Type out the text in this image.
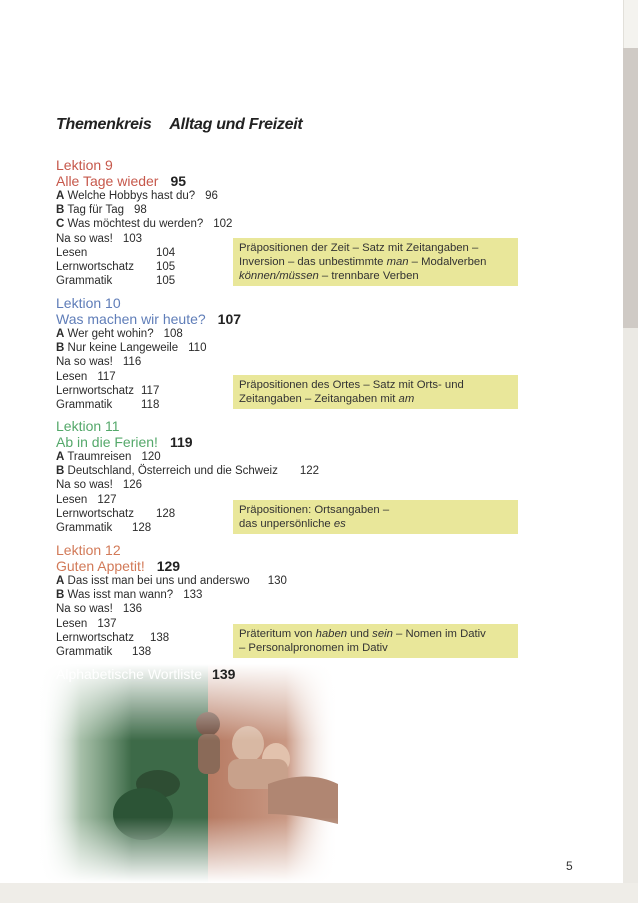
Themenkreis Alltag und Freizeit
Lektion 9
Alle Tage wieder 95
A Welche Hobbys hast du? 96
B Tag für Tag 98
C Was möchtest du werden? 102
Na so was! 103
Lesen	104
Lernwortschatz 105
Grammatik	105
Präpositionen der Zeit – Satz mit Zeitangaben –
Inversion – das unbestimmte man – Modalverben
können/müssen – trennbare Verben
Lektion 10
Was machen wir heute? 107
A Wer geht wohin? 108
B Nur keine Langeweile 110
Na so was! 116
Lesen 117
Lernwortschatz 117
Grammatik	118
Präpositionen des Ortes – Satz mit Orts- und
Zeitangaben – Zeitangaben mit am
Lektion 11
Ab in die Ferien! 119
A Traumreisen 120
B Deutschland, Österreich und die Schweiz 122
Na so was! 126
Lesen 127
Lernwortschatz 128
Grammatik 128
Präpositionen: Ortsangaben –
das unpersönliche es
Lektion 12
Guten Appetit! 129
A Das isst man bei uns und anderswo 130
B Was isst man wann? 133
Na so was! 136
Lesen 137
Lernwortschatz 138
Grammatik 138
Präteritum von haben und sein – Nomen im Dativ
– Personalpronomen im Dativ
Alphabetische Wortliste 139
5
